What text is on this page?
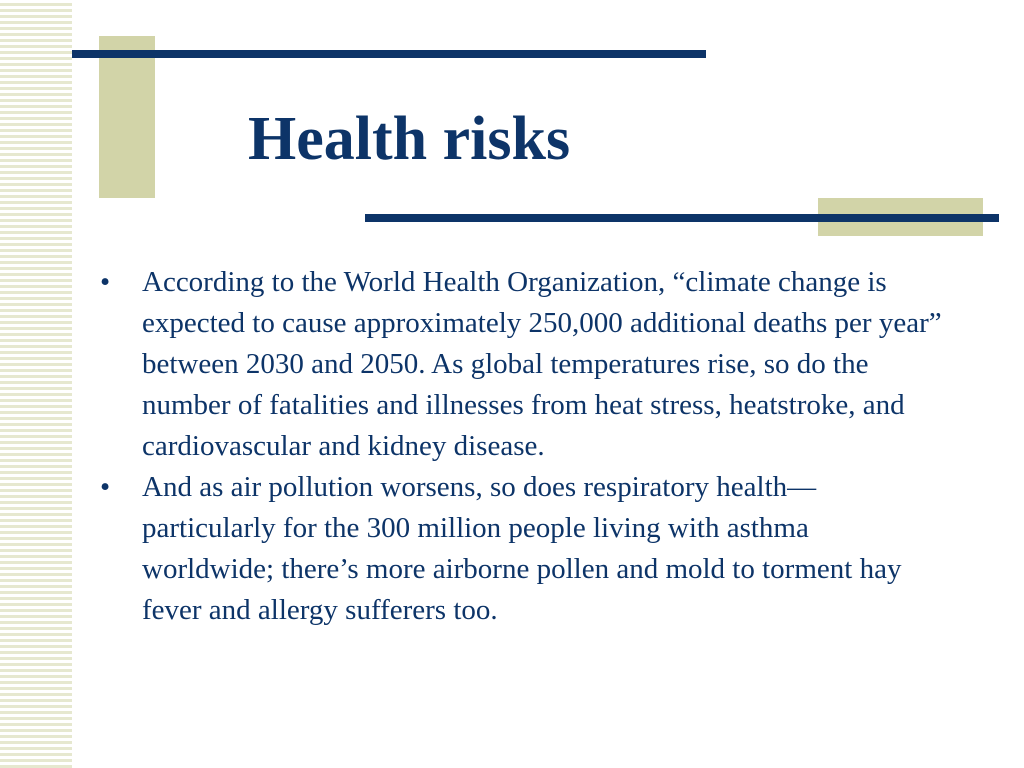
Health risks
•	According to the World Health Organization, “climate change is expected to cause approximately 250,000 additional deaths per year” between 2030 and 2050. As global temperatures rise, so do the number of fatalities and illnesses from heat stress, heatstroke, and cardiovascular and kidney disease.
•	And as air pollution worsens, so does respiratory health—particularly for the 300 million people living with asthma worldwide; there’s more airborne pollen and mold to torment hay fever and allergy sufferers too.
